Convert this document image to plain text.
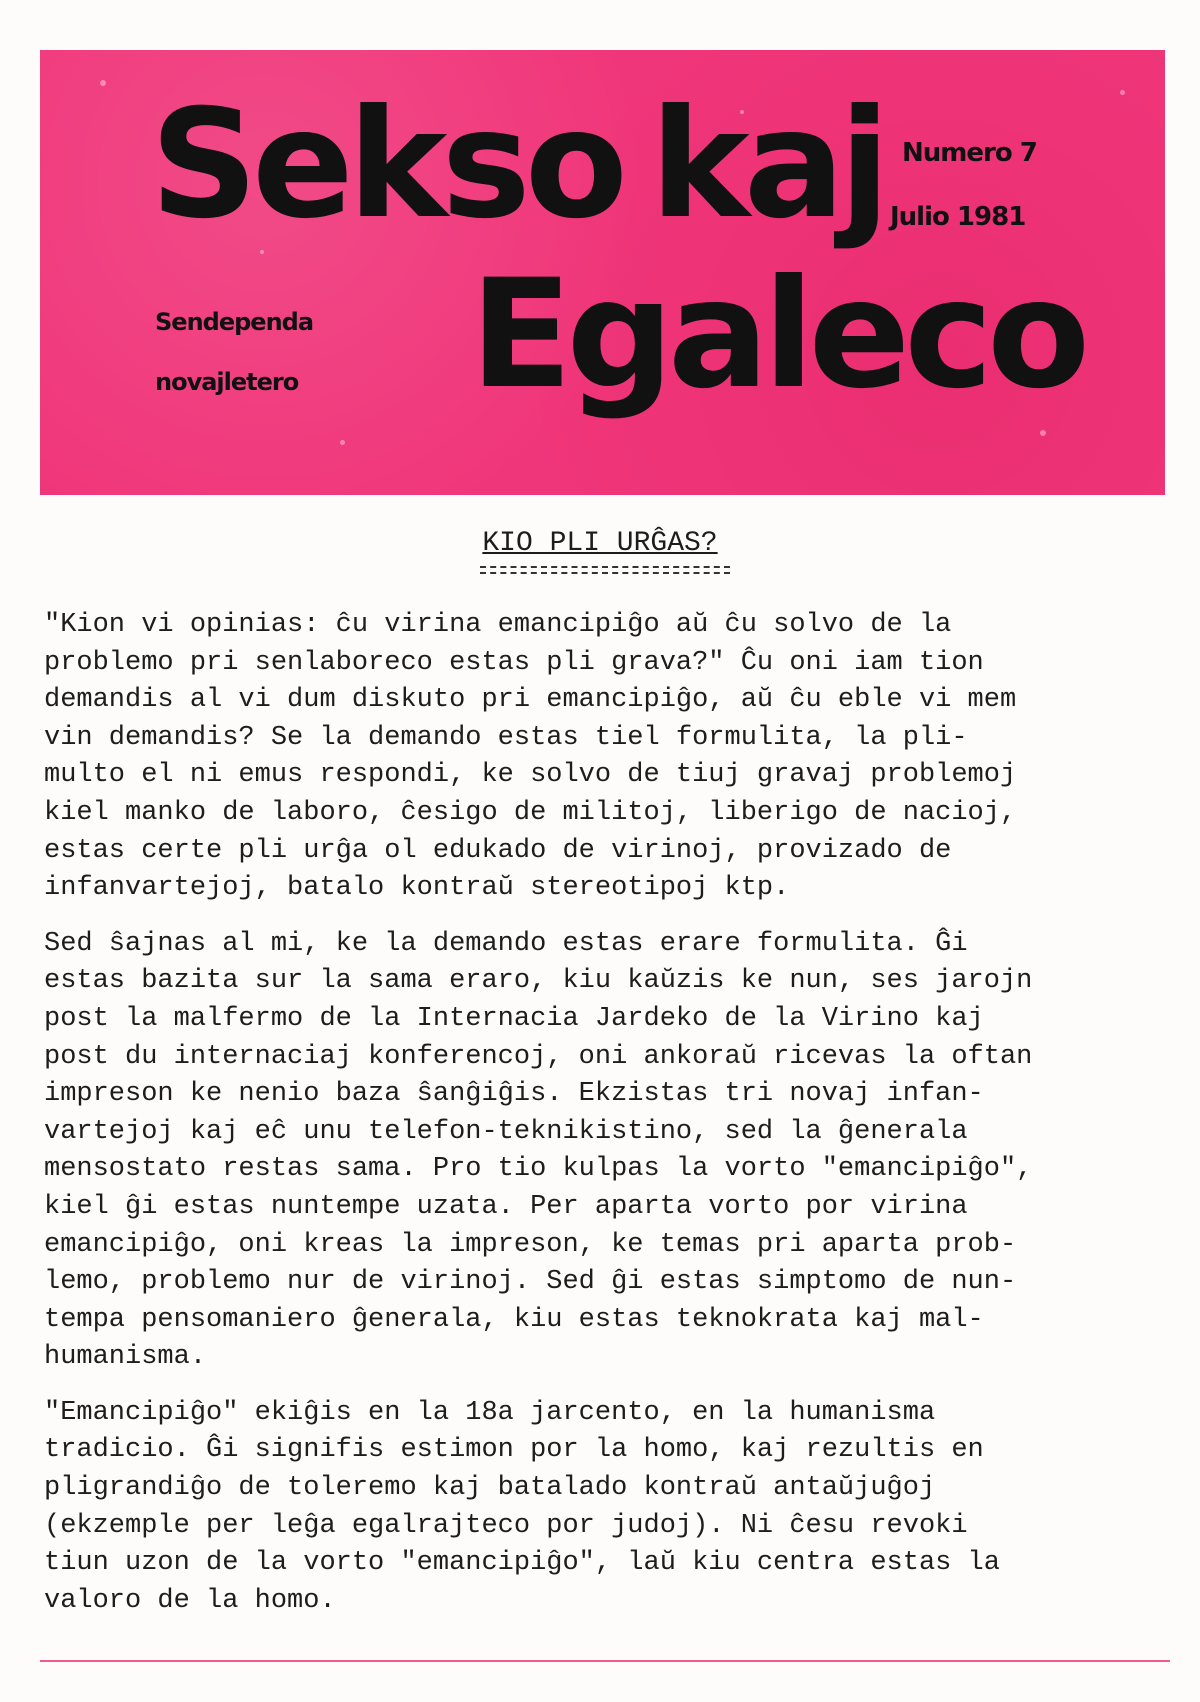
Sekso kaj
Egaleco
Sendependa
novajletero
Numero 7
Julio 1981
KIO PLI URĜAS?

"Kion vi opinias: ĉu virina emancipiĝo aŭ ĉu solvo de la
problemo pri senlaboreco estas pli grava?" Ĉu oni iam tion
demandis al vi dum diskuto pri emancipiĝo, aŭ ĉu eble vi mem
vin demandis? Se la demando estas tiel formulita, la pli-
multo el ni emus respondi, ke solvo de tiuj gravaj problemoj
kiel manko de laboro, ĉesigo de militoj, liberigo de nacioj,
estas certe pli urĝa ol edukado de virinoj, provizado de
infanvartejoj, batalo kontraŭ stereotipoj ktp.

Sed ŝajnas al mi, ke la demando estas erare formulita. Ĝi
estas bazita sur la sama eraro, kiu kaŭzis ke nun, ses jarojn
post la malfermo de la Internacia Jardeko de la Virino kaj
post du internaciaj konferencoj, oni ankoraŭ ricevas la oftan
impreson ke nenio baza ŝanĝiĝis. Ekzistas tri novaj infan-
vartejoj kaj eĉ unu telefon-teknikistino, sed la ĝenerala
mensostato restas sama. Pro tio kulpas la vorto "emancipiĝo",
kiel ĝi estas nuntempe uzata. Per aparta vorto por virina
emancipiĝo, oni kreas la impreson, ke temas pri aparta prob-
lemo, problemo nur de virinoj. Sed ĝi estas simptomo de nun-
tempa pensomaniero ĝenerala, kiu estas teknokrata kaj mal-
humanisma.

"Emancipiĝo" ekiĝis en la 18a jarcento, en la humanisma
tradicio. Ĝi signifis estimon por la homo, kaj rezultis en
pligrandiĝo de toleremo kaj batalado kontraŭ antaŭjuĝoj
(ekzemple per leĝa egalrajteco por judoj). Ni ĉesu revoki
tiun uzon de la vorto "emancipiĝo", laŭ kiu centra estas la
valoro de la homo.
